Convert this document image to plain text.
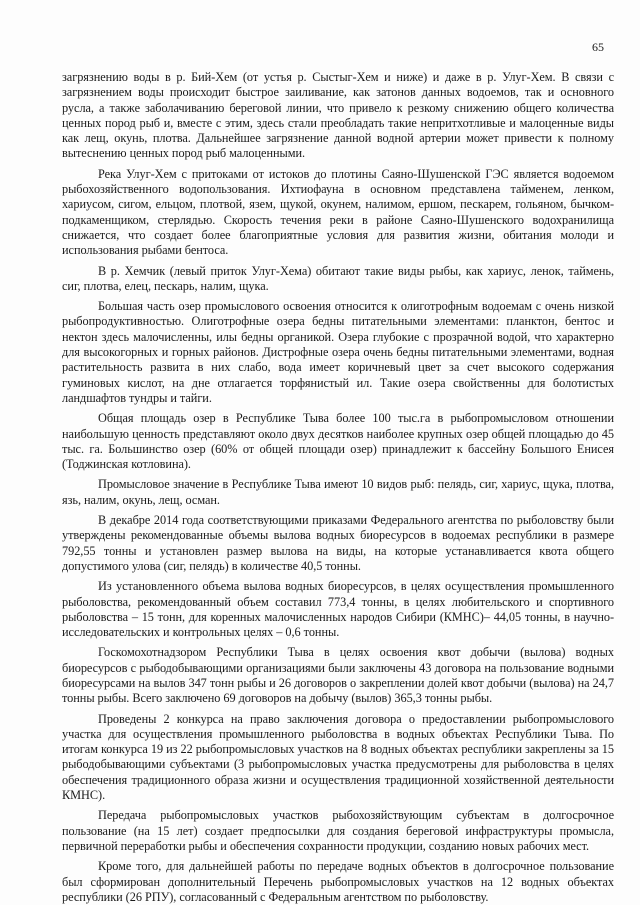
65

загрязнению воды в р. Бий-Хем (от устья р. Сыстыг-Хем и ниже) и даже в р. Улуг-Хем. В связи с загрязнением воды происходит быстрое заиливание, как затонов данных водоемов, так и основного русла, а также заболачиванию береговой линии, что привело к резкому снижению общего количества ценных пород рыб и, вместе с этим, здесь стали преобладать такие непритхотливые и малоценные виды как лещ, окунь, плотва. Дальнейшее загрязнение данной водной артерии может привести к полному вытеснению ценных пород рыб малоценными.

Река Улуг-Хем с притоками от истоков до плотины Саяно-Шушенской ГЭС является водоемом рыбохозяйственного водопользования. Ихтиофауна в основном представлена тайменем, ленком, хариусом, сигом, ельцом, плотвой, язем, щукой, окунем, налимом, ершом, пескарем, гольяном, бычком-подкаменщиком, стерлядью. Скорость течения реки в районе Саяно-Шушенского водохранилища снижается, что создает более благоприятные условия для развития жизни, обитания молоди и использования рыбами бентоса.

В р. Хемчик (левый приток Улуг-Хема) обитают такие виды рыбы, как хариус, ленок, таймень, сиг, плотва, елец, пескарь, налим, щука.

Большая часть озер промыслового освоения относится к олиготрофным водоемам с очень низкой рыбопродуктивностью. Олиготрофные озера бедны питательными элементами: планктон, бентос и нектон здесь малочисленны, илы бедны органикой. Озера глубокие с прозрачной водой, что характерно для высокогорных и горных районов. Дистрофные озера очень бедны питательными элементами, водная растительность развита в них слабо, вода имеет коричневый цвет за счет высокого содержания гуминовых кислот, на дне отлагается торфянистый ил. Такие озера свойственны для болотистых ландшафтов тундры и тайги.

Общая площадь озер в Республике Тыва более 100 тыс.га в рыбопромысловом отношении наибольшую ценность представляют около двух десятков наиболее крупных озер общей площадью до 45 тыс. га. Большинство озер (60% от общей площади озер) принадлежит к бассейну Большого Енисея (Тоджинская котловина).

Промысловое значение в Республике Тыва имеют 10 видов рыб: пелядь, сиг, хариус, щука, плотва, язь, налим, окунь, лещ, осман.

В декабре 2014 года соответствующими приказами Федерального агентства по рыболовству были утверждены рекомендованные объемы вылова водных биоресурсов в водоемах республики в размере 792,55 тонны и установлен размер вылова на виды, на которые устанавливается квота общего допустимого улова (сиг, пелядь) в количестве 40,5 тонны.

Из установленного объема вылова водных биоресурсов, в целях осуществления промышленного рыболовства, рекомендованный объем составил 773,4 тонны, в целях любительского и спортивного рыболовства – 15 тонн, для коренных малочисленных народов Сибири (КМНС)– 44,05 тонны, в научно-исследовательских и контрольных целях – 0,6 тонны.

Госкомохотнадзором Республики Тыва в целях освоения квот добычи (вылова) водных биоресурсов с рыбодобывающими организациями были заключены 43 договора на пользование водными биоресурсами на вылов 347 тонн рыбы и 26 договоров о закреплении долей квот добычи (вылова) на 24,7 тонны рыбы. Всего заключено 69 договоров на добычу (вылов) 365,3 тонны рыбы.

Проведены 2 конкурса на право заключения договора о предоставлении рыбопромыслового участка для осуществления промышленного рыболовства в водных объектах Республики Тыва. По итогам конкурса 19 из 22 рыбопромысловых участков на 8 водных объектах республики закреплены за 15 рыбодобывающими субъектами (3 рыбопромысловых участка предусмотрены для рыболовства в целях обеспечения традиционного образа жизни и осуществления традиционной хозяйственной деятельности КМНС).

Передача рыбопромысловых участков рыбохозяйствующим субъектам в долгосрочное пользование (на 15 лет) создает предпосылки для создания береговой инфраструктуры промысла, первичной переработки рыбы и обеспечения сохранности продукции, созданию новых рабочих мест.

Кроме того, для дальнейшей работы по передаче водных объектов в долгосрочное пользование был сформирован дополнительный Перечень рыбопромысловых участков на 12 водных объектах республики (26 РПУ), согласованный с Федеральным агентством по рыболовству.
